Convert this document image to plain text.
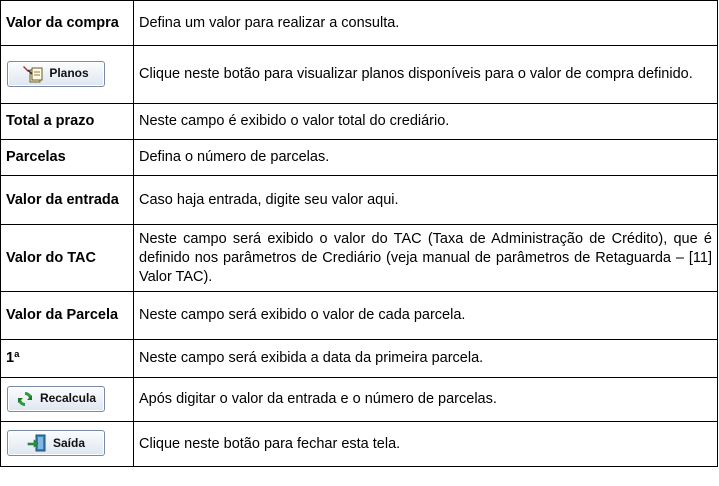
Valor da compra	Defina um valor para realizar a consulta.

Planos	Clique neste botão para visualizar planos disponíveis para o valor de compra definido.
Total a prazo	Neste campo é exibido o valor total do crediário.
Parcelas	Defina o número de parcelas.
Valor da entrada	Caso haja entrada, digite seu valor aqui.
Valor do TAC	Neste campo será exibido o valor do TAC (Taxa de Administração de Crédito), que é definido nos parâmetros de Crediário (veja manual de parâmetros de Retaguarda – [11] Valor TAC).
Valor da Parcela	Neste campo será exibido o valor de cada parcela.
1ª	Neste campo será exibida a data da primeira parcela.

Recalcula	Após digitar o valor da entrada e o número de parcelas.

Saída	Clique neste botão para fechar esta tela.
